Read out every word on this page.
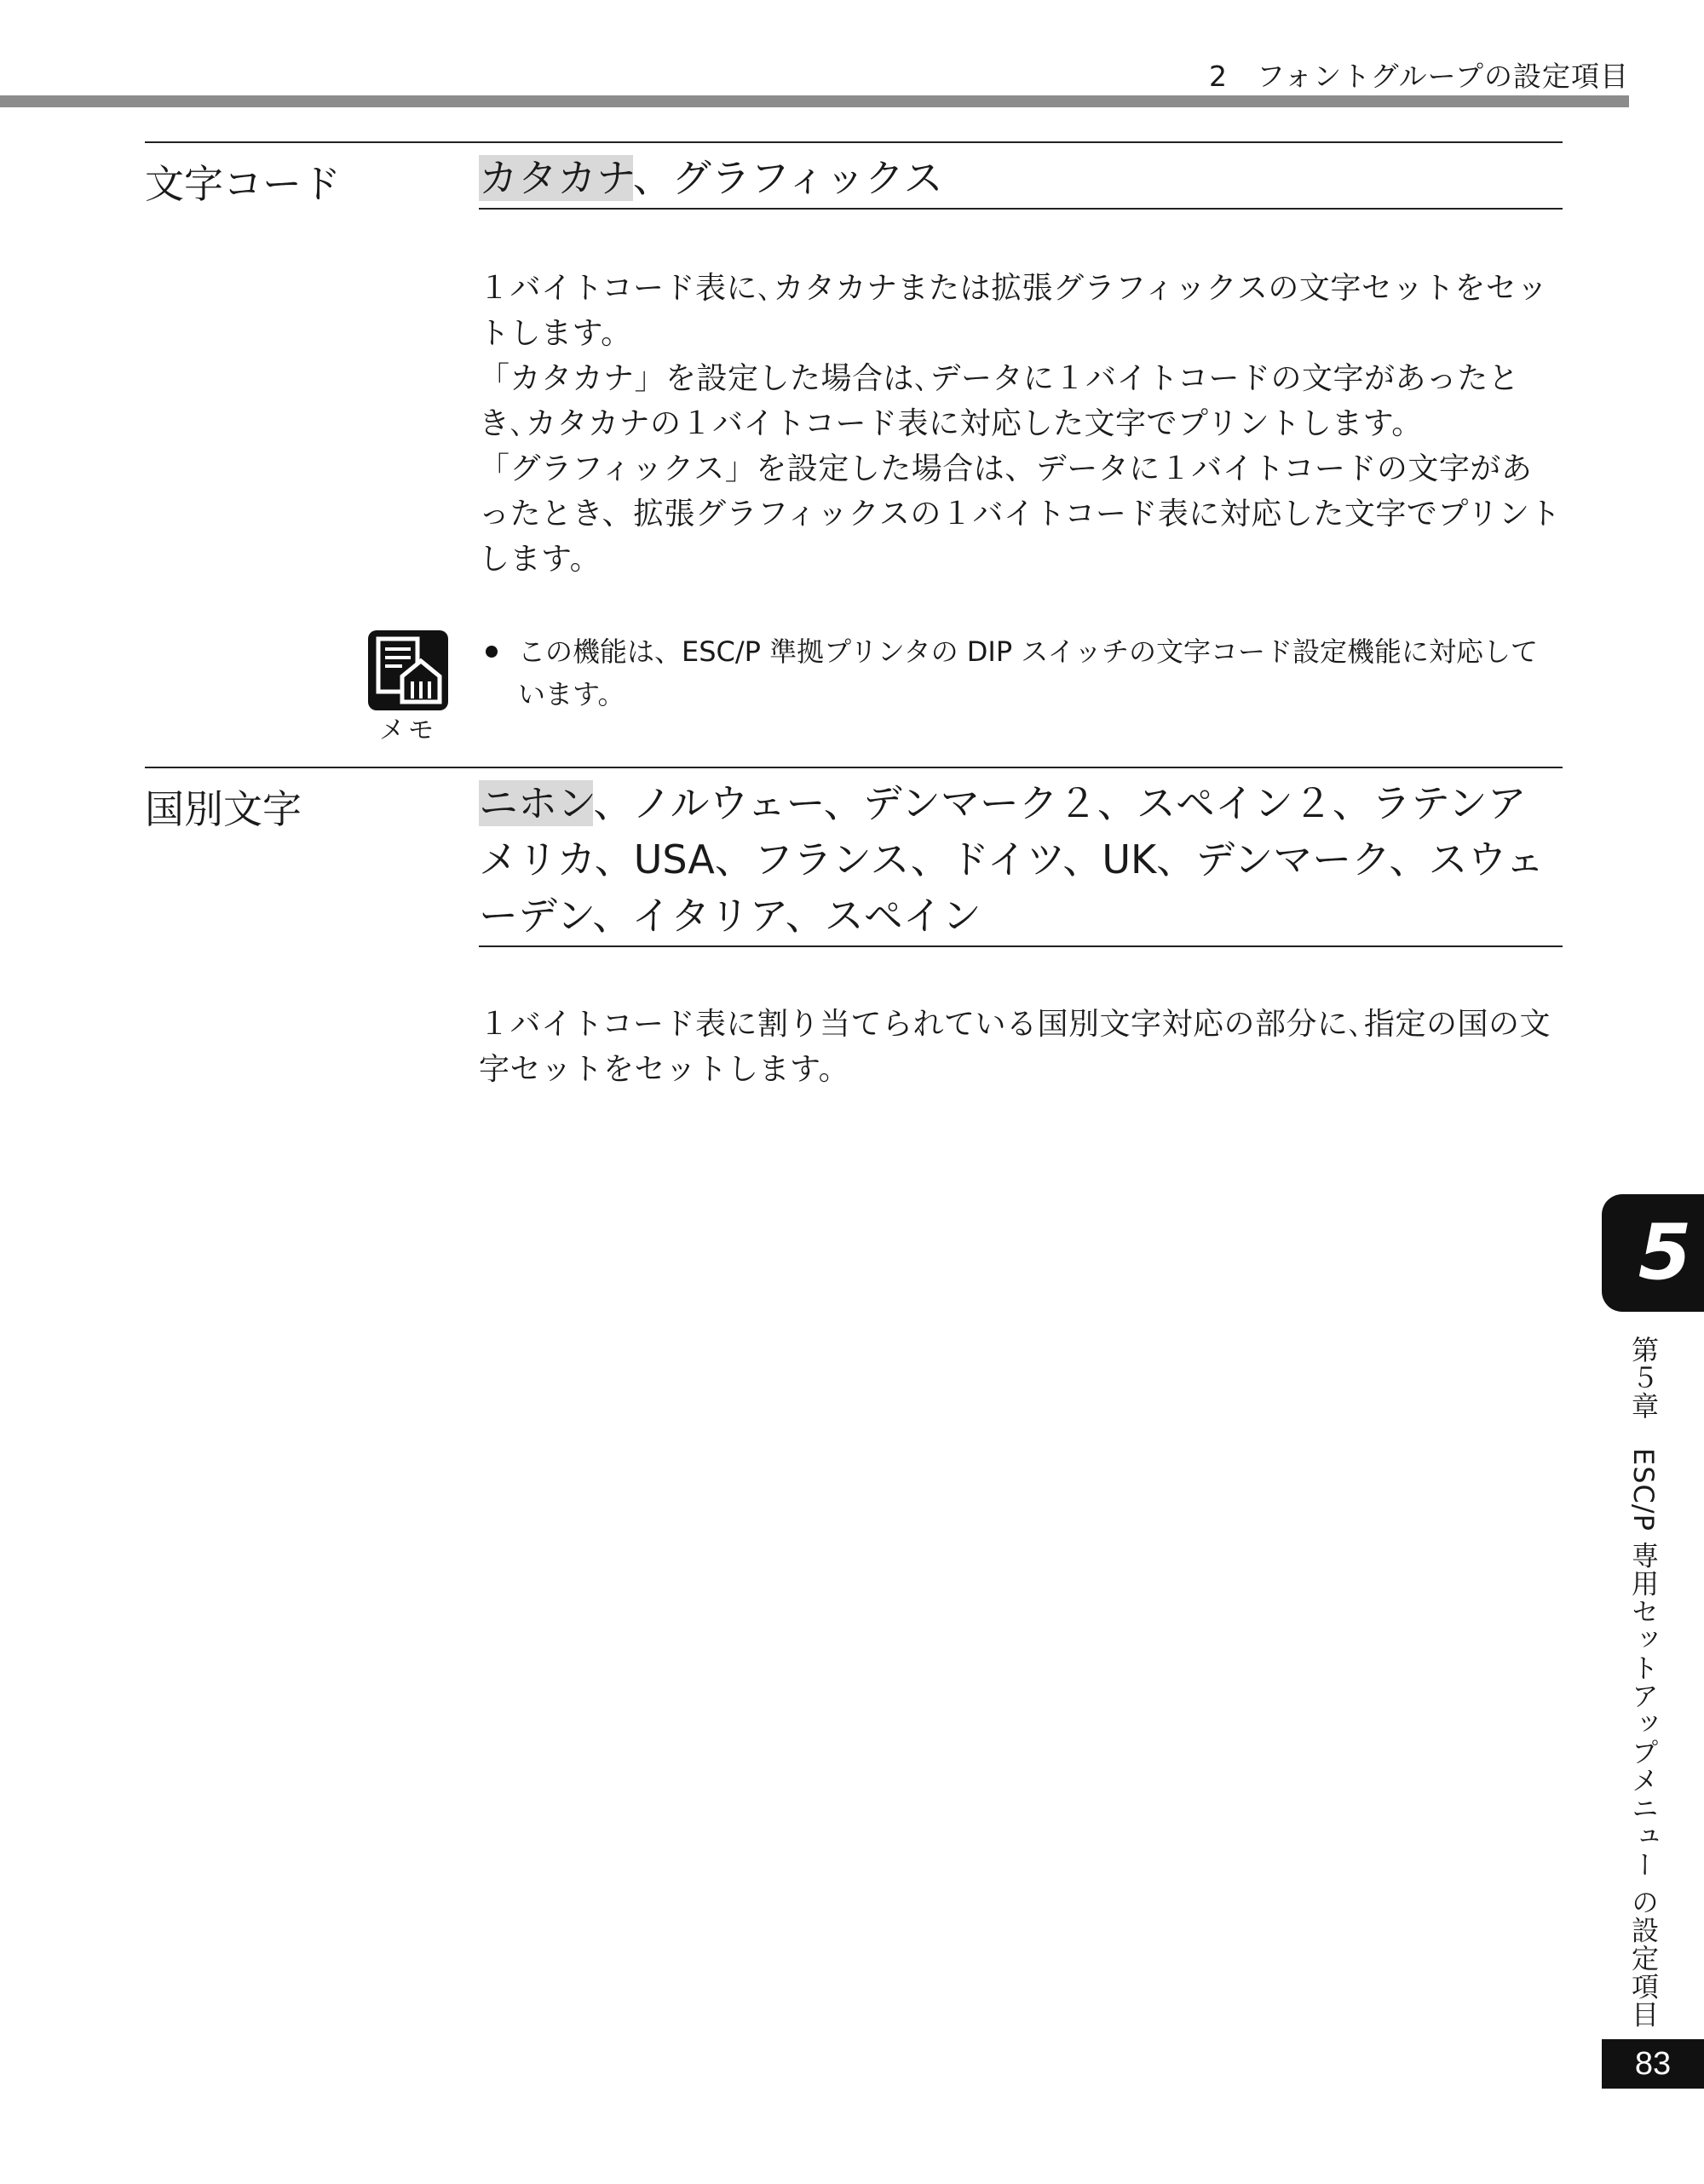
2　フォントグループの設定項目
文字コード	カタカナ、グラフィックス

１バイトコード表に､カタカナまたは拡張グラフィックスの文字セットをセットします。

「カタカナ」を設定した場合は､データに１バイトコードの文字があったとき､カタカナの１バイトコード表に対応した文字でプリントします。

「グラフィックス」を設定した場合は、データに１バイトコードの文字があったとき、拡張グラフィックスの１バイトコード表に対応した文字でプリントします。

メモ
この機能は、ESC/P 準拠プリンタの DIP スイッチの文字コード設定機能に対応しています。
国別文字	ニホン、ノルウェー、デンマーク２、スペイン２、ラテンアメリカ、USA、フランス、ドイツ、UK、デンマーク、スウェーデン、イタリア、スペイン

１バイトコード表に割り当てられている国別文字対応の部分に､指定の国の文字セットをセットします。

5
第５章　ESC/P 専用セットアップメニュー の設定項目
83
